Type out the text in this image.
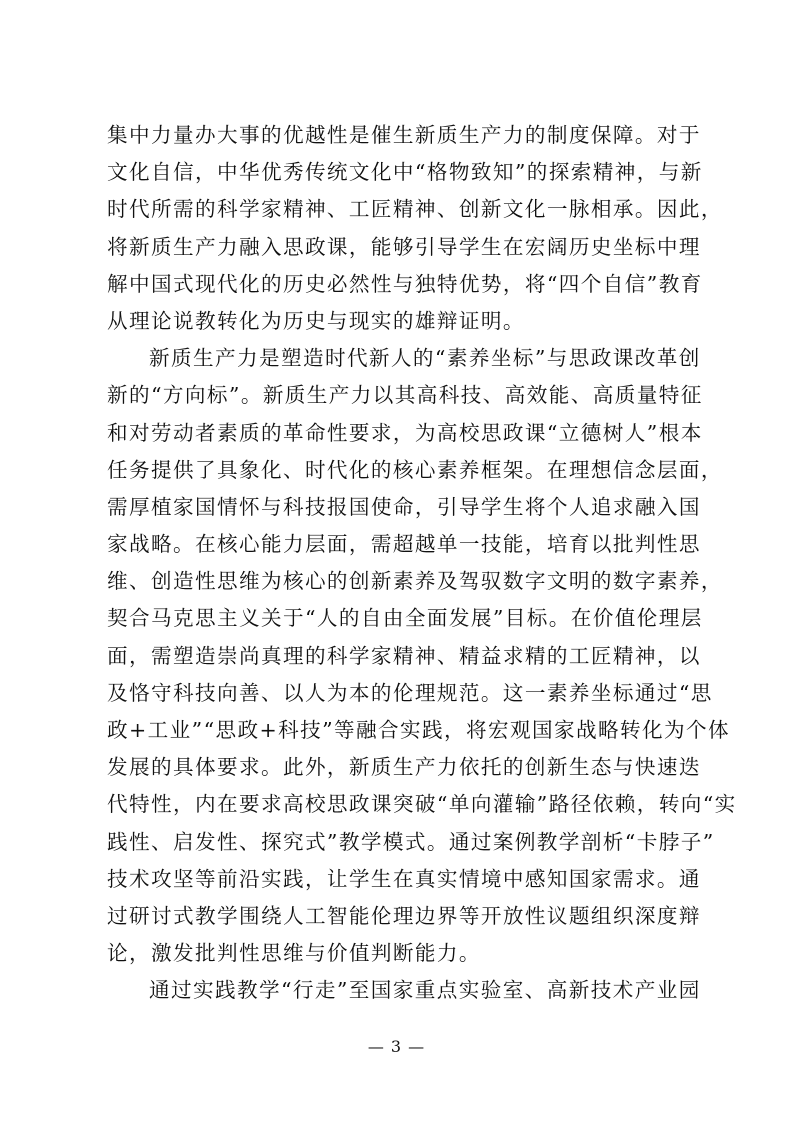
集中力量办大事的优越性是催生新质生产力的制度保障。对于
文化自信，中华优秀传统文化中“格物致知”的探索精神，与新
时代所需的科学家精神、工匠精神、创新文化一脉相承。因此，
将新质生产力融入思政课，能够引导学生在宏阔历史坐标中理
解中国式现代化的历史必然性与独特优势，将“四个自信”教育
从理论说教转化为历史与现实的雄辩证明。
新质生产力是塑造时代新人的“素养坐标”与思政课改革创
新的“方向标”。新质生产力以其高科技、高效能、高质量特征
和对劳动者素质的革命性要求，为高校思政课“立德树人”根本
任务提供了具象化、时代化的核心素养框架。在理想信念层面，
需厚植家国情怀与科技报国使命，引导学生将个人追求融入国
家战略。在核心能力层面，需超越单一技能，培育以批判性思
维、创造性思维为核心的创新素养及驾驭数字文明的数字素养，
契合马克思主义关于“人的自由全面发展”目标。在价值伦理层
面，需塑造崇尚真理的科学家精神、精益求精的工匠精神，以
及恪守科技向善、以人为本的伦理规范。这一素养坐标通过“思
政+工业”“思政+科技”等融合实践，将宏观国家战略转化为个体
发展的具体要求。此外，新质生产力依托的创新生态与快速迭
代特性，内在要求高校思政课突破“单向灌输”路径依赖，转向“实
践性、启发性、探究式”教学模式。通过案例教学剖析“卡脖子”
技术攻坚等前沿实践，让学生在真实情境中感知国家需求。通
过研讨式教学围绕人工智能伦理边界等开放性议题组织深度辩
论，激发批判性思维与价值判断能力。
通过实践教学“行走”至国家重点实验室、高新技术产业园
— 3 —
